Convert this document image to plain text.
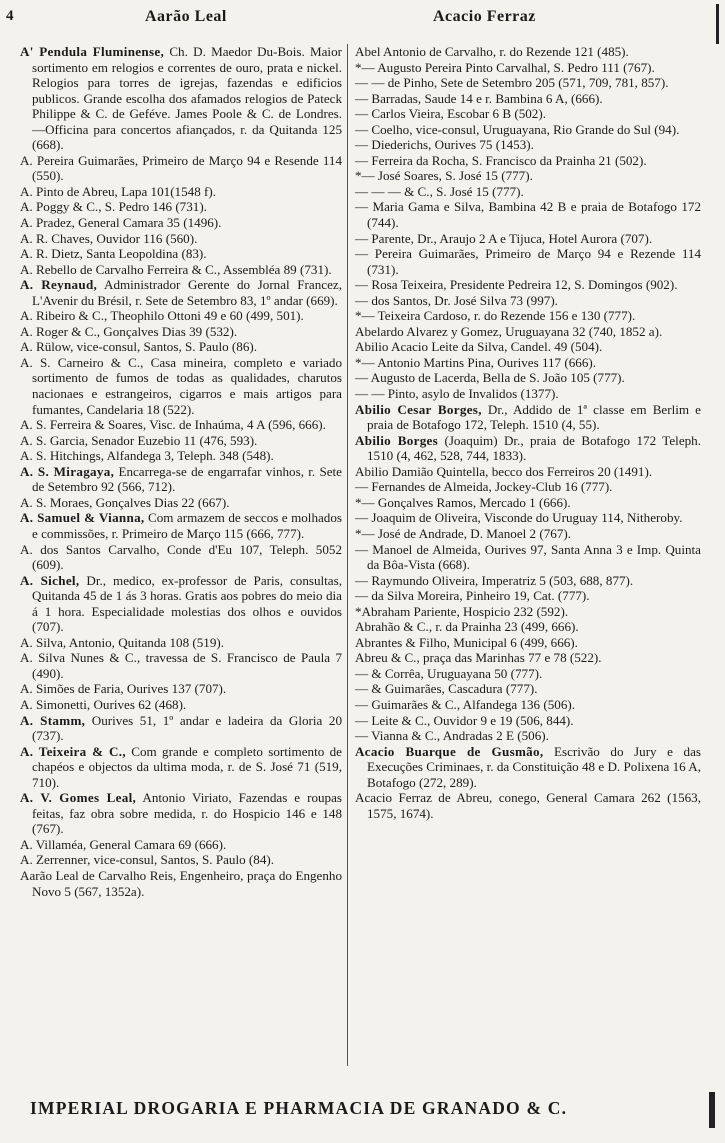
4	Aarão Leal	Acacio Ferraz

A' Pendula Fluminense, Ch. D. Maedor Du-Bois. Maior sortimento em relogios e correntes de ouro, prata e nickel. Relogios para torres de igrejas, fazendas e edificios publicos. Grande escolha dos afamados relogios de Pateck Philippe & C. de Geféve. James Poole & C. de Londres. —Officina para concertos afiançados, r. da Quitanda 125 (668).

A. Pereira Guimarães, Primeiro de Março 94 e Resende 114 (550).

A. Pinto de Abreu, Lapa 101(1548 f).

A. Poggy & C., S. Pedro 146 (731).

A. Pradez, General Camara 35 (1496).

A. R. Chaves, Ouvidor 116 (560).

A. R. Dietz, Santa Leopoldina (83).

A. Rebello de Carvalho Ferreira & C., Assembléa 89 (731).

A. Reynaud, Administrador Gerente do Jornal Francez, L'Avenir du Brésil, r. Sete de Setembro 83, 1º andar (669).

A. Ribeiro & C., Theophilo Ottoni 49 e 60 (499, 501).

A. Roger & C., Gonçalves Dias 39 (532).

A. Rülow, vice-consul, Santos, S. Paulo (86).

A. S. Carneiro & C., Casa mineira, completo e variado sortimento de fumos de todas as qualidades, charutos nacionaes e estrangeiros, cigarros e mais artigos para fumantes, Candelaria 18 (522).

A. S. Ferreira & Soares, Visc. de Inhaúma, 4 A (596, 666).

A. S. Garcia, Senador Euzebio 11 (476, 593).

A. S. Hitchings, Alfandega 3, Teleph. 348 (548).

A. S. Miragaya, Encarrega-se de engarrafar vinhos, r. Sete de Setembro 92 (566, 712).

A. S. Moraes, Gonçalves Dias 22 (667).

A. Samuel & Vianna, Com armazem de seccos e molhados e commissões, r. Primeiro de Março 115 (666, 777).

A. dos Santos Carvalho, Conde d'Eu 107, Teleph. 5052 (609).

A. Sichel, Dr., medico, ex-professor de Paris, consultas, Quitanda 45 de 1 ás 3 horas. Gratis aos pobres do meio dia á 1 hora. Especialidade molestias dos olhos e ouvidos (707).

A. Silva, Antonio, Quitanda 108 (519).

A. Silva Nunes & C., travessa de S. Francisco de Paula 7 (490).

A. Simões de Faria, Ourives 137 (707).

A. Simonetti, Ourives 62 (468).

A. Stamm, Ourives 51, 1º andar e ladeira da Gloria 20 (737).

A. Teixeira & C., Com grande e completo sortimento de chapéos e objectos da ultima moda, r. de S. José 71 (519, 710).

A. V. Gomes Leal, Antonio Viriato, Fazendas e roupas feitas, faz obra sobre medida, r. do Hospicio 146 e 148 (767).

A. Villaméa, General Camara 69 (666).

A. Zerrenner, vice-consul, Santos, S. Paulo (84).

Aarão Leal de Carvalho Reis, Engenheiro, praça do Engenho Novo 5 (567, 1352a).

Abel Antonio de Carvalho, r. do Rezende 121 (485).

*— Augusto Pereira Pinto Carvalhal, S. Pedro 111 (767).

— — de Pinho, Sete de Setembro 205 (571, 709, 781, 857).

— Barradas, Saude 14 e r. Bambina 6 A, (666).

— Carlos Vieira, Escobar 6 B (502).

— Coelho, vice-consul, Uruguayana, Rio Grande do Sul (94).

— Diederichs, Ourives 75 (1453).

— Ferreira da Rocha, S. Francisco da Prainha 21 (502).

*— José Soares, S. José 15 (777).

— — — & C., S. José 15 (777).

— Maria Gama e Silva, Bambina 42 B e praia de Botafogo 172 (744).

— Parente, Dr., Araujo 2 A e Tijuca, Hotel Aurora (707).

— Pereira Guimarães, Primeiro de Março 94 e Rezende 114 (731).

— Rosa Teixeira, Presidente Pedreira 12, S. Domingos (902).

— dos Santos, Dr. José Silva 73 (997).

*— Teixeira Cardoso, r. do Rezende 156 e 130 (777).

Abelardo Alvarez y Gomez, Uruguayana 32 (740, 1852 a).

Abilio Acacio Leite da Silva, Candel. 49 (504).

*— Antonio Martins Pina, Ourives 117 (666).

— Augusto de Lacerda, Bella de S. João 105 (777).

— — Pinto, asylo de Invalidos (1377).

Abilio Cesar Borges, Dr., Addido de 1ª classe em Berlim e praia de Botafogo 172, Teleph. 1510 (4, 55).

Abilio Borges (Joaquim) Dr., praia de Botafogo 172 Teleph. 1510 (4, 462, 528, 744, 1833).

Abilio Damião Quintella, becco dos Ferreiros 20 (1491).

— Fernandes de Almeida, Jockey-Club 16 (777).

*— Gonçalves Ramos, Mercado 1 (666).

— Joaquim de Oliveira, Visconde do Uruguay 114, Nitheroby.

*— José de Andrade, D. Manoel 2 (767).

— Manoel de Almeida, Ourives 97, Santa Anna 3 e Imp. Quinta da Bôa-Vista (668).

— Raymundo Oliveira, Imperatriz 5 (503, 688, 877).

— da Silva Moreira, Pinheiro 19, Cat. (777).

*Abraham Pariente, Hospicio 232 (592).

Abrahão & C., r. da Prainha 23 (499, 666).

Abrantes & Filho, Municipal 6 (499, 666).

Abreu & C., praça das Marinhas 77 e 78 (522).

— & Corrêa, Uruguayana 50 (777).

— & Guimarães, Cascadura (777).

— Guimarães & C., Alfandega 136 (506).

— Leite & C., Ouvidor 9 e 19 (506, 844).

— Vianna & C., Andradas 2 E (506).

Acacio Buarque de Gusmão, Escrivão do Jury e das Execuções Criminaes, r. da Constituição 48 e D. Polixena 16 A, Botafogo (272, 289).

Acacio Ferraz de Abreu, conego, General Camara 262 (1563, 1575, 1674).

IMPERIAL DROGARIA E PHARMACIA DE GRANADO & C.
